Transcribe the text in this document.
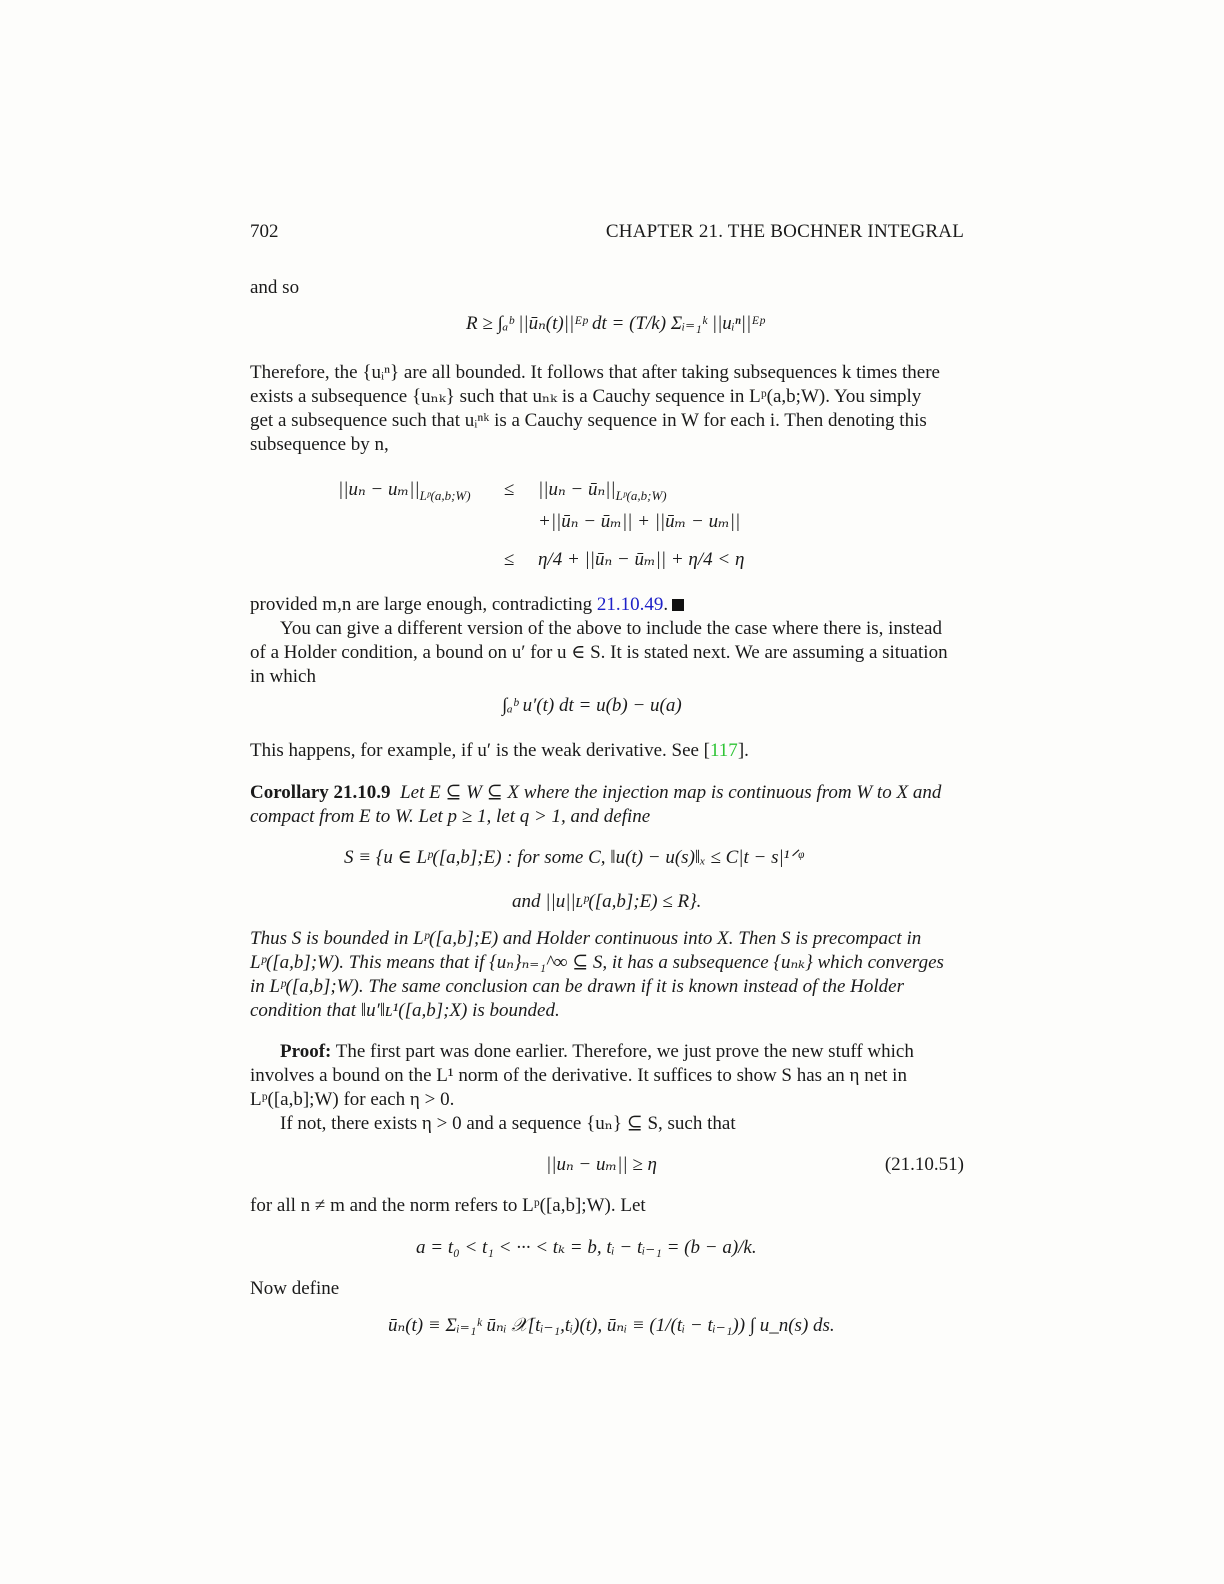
702	CHAPTER 21. THE BOCHNER INTEGRAL
and so
R ≥ ∫ₐᵇ ||ūₙ(t)||ᴱᵖ dt = (T/k) Σᵢ₌₁ᵏ ||uᵢⁿ||ᴱᵖ
Therefore, the {uᵢⁿ} are all bounded. It follows that after taking subsequences k times there
exists a subsequence {uₙₖ} such that uₙₖ is a Cauchy sequence in Lᵖ(a,b;W). You simply
get a subsequence such that uᵢⁿᵏ is a Cauchy sequence in W for each i. Then denoting this
subsequence by n,
$||u_n - u_m||_{Lᵖ(a,b;W)} \le ||u_n$ − $ū_n||_{Lᵖ(a,b;W)}$
+||ūₙ − ūₘ|| + ||ūₘ − uₘ||
≤ η/4 + ||ūₙ − ūₘ|| + η/4 < η
provided m,n are large enough, contradicting 21.10.49.
You can give a different version of the above to include the case where there is, instead
of a Holder condition, a bound on u′ for u ∈ S. It is stated next. We are assuming a situation
in which
∫ₐᵇ u′(t) dt = u(b) − u(a)
This happens, for example, if u′ is the weak derivative. See [117].
Corollary 21.10.9 Let E ⊆ W ⊆ X where the injection map is continuous from W to X and
compact from E to W. Let p ≥ 1, let q > 1, and define
S ≡ {u ∈ Lᵖ([a,b];E) : for some C, ‖u(t) − u(s)‖ₓ ≤ C|t − s|¹ᐟᵠ
and ||u||ʟᵖ([a,b];E) ≤ R}.
Thus S is bounded in Lᵖ([a,b];E) and Holder continuous into X. Then S is precompact in
Lᵖ([a,b];W). This means that if {uₙ}ₙ₌₁^∞ ⊆ S, it has a subsequence {uₙₖ} which converges
in Lᵖ([a,b];W). The same conclusion can be drawn if it is known instead of the Holder
condition that ‖u′‖ʟ¹([a,b];X) is bounded.
Proof: The first part was done earlier. Therefore, we just prove the new stuff which
involves a bound on the L¹ norm of the derivative. It suffices to show S has an η net in
Lᵖ([a,b];W) for each η > 0.
If not, there exists η > 0 and a sequence {uₙ} ⊆ S, such that
||uₙ − uₘ|| ≥ η	(21.10.51)
for all n ≠ m and the norm refers to Lᵖ([a,b];W). Let
a = t₀ < t₁ < ··· < tₖ = b, tᵢ − tᵢ₋₁ = (b − a)/k.
Now define
ūₙ(t) ≡ Σᵢ₌₁ᵏ ūₙᵢ 𝒳[tᵢ₋₁,tᵢ)(t), ūₙᵢ ≡ (1/(tᵢ − tᵢ₋₁)) ∫ u_n(s) ds.
